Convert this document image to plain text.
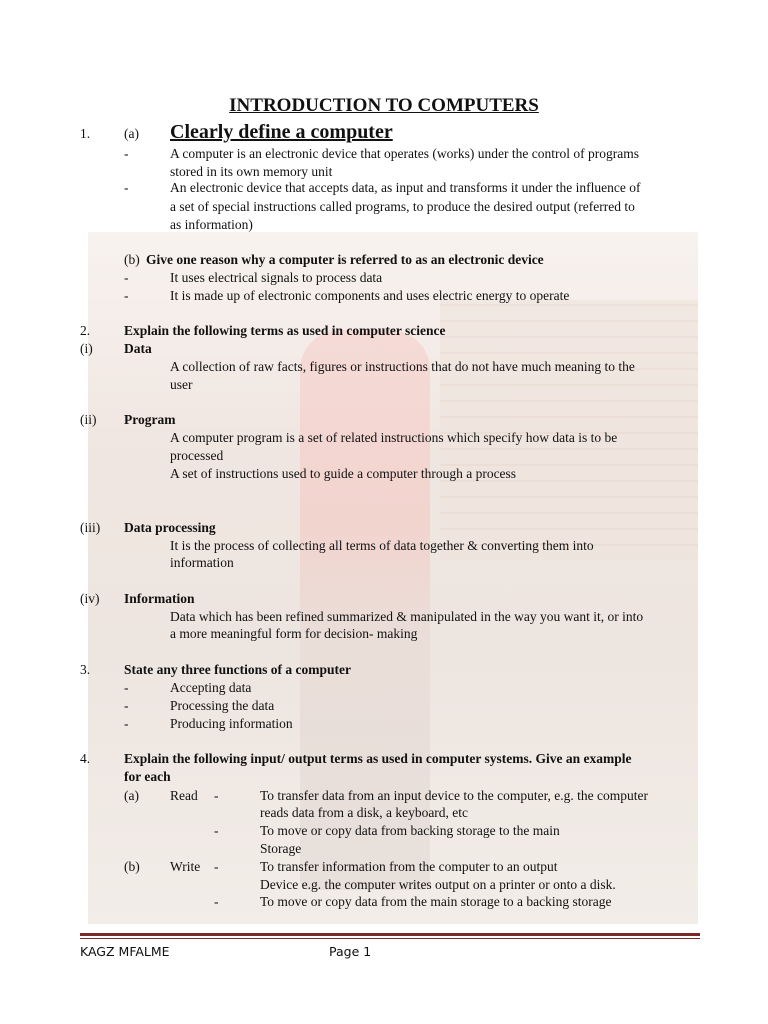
INTRODUCTION TO COMPUTERS
1.	(a) Clearly define a computer
-	A computer is an electronic device that operates (works) under the control of programs
stored in its own memory unit
-	An electronic device that accepts data, as input and transforms it under the influence of
a set of special instructions called programs, to produce the desired output (referred to
as information)
(b) Give one reason why a computer is referred to as an electronic device
-	It uses electrical signals to process data
-	It is made up of electronic components and uses electric energy to operate
2.	Explain the following terms as used in computer science
(i) Data
A collection of raw facts, figures or instructions that do not have much meaning to the
user
(ii) Program
A computer program is a set of related instructions which specify how data is to be
processed
A set of instructions used to guide a computer through a process
(iii) Data processing
It is the process of collecting all terms of data together & converting them into
information
(iv) Information
Data which has been refined summarized & manipulated in the way you want it, or into
a more meaningful form for decision- making
3.	State any three functions of a computer
-	Accepting data
-	Processing the data
-	Producing information
4.	Explain the following input/ output terms as used in computer systems. Give an example
for each
(a) Read -	To transfer data from an input device to the computer, e.g. the computer
reads data from a disk, a keyboard, etc
-	To move or copy data from backing storage to the main
Storage
(b) Write -	To transfer information from the computer to an output
Device e.g. the computer writes output on a printer or onto a disk.
-	To move or copy data from the main storage to a backing storage
KAGZ MFALME	Page 1
